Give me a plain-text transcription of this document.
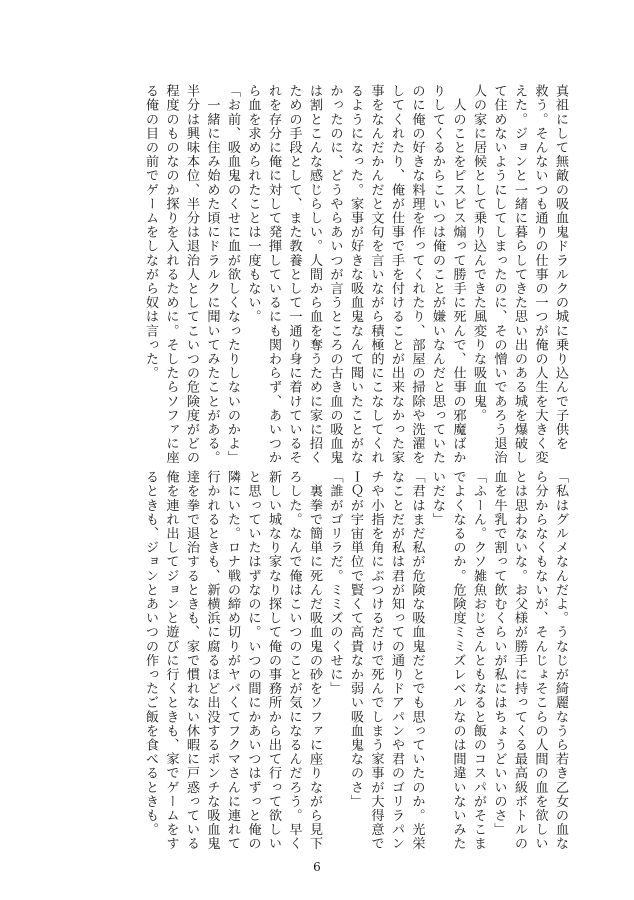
真祖にして無敵の吸血鬼ドラルクの城に乗り込んで子供を
救う。そんないつも通りの仕事の一つが俺の人生を大きく変
えた。ジョンと一緒に暮らしてきた思い出のある城を爆破し
て住めないようにしてしまったのに、その憎いであろう退治
人の家に居候として乗り込んできた風変りな吸血鬼。
　人のことをピスピス煽って勝手に死んで、仕事の邪魔ばか
りしてくるからこいつは俺のことが嫌いなんだと思っていた
のに俺の好きな料理を作ってくれたり、部屋の掃除や洗濯を
してくれたり、俺が仕事で手を付けることが出来なかった家
事をなんだかんだと文句を言いながら積極的にこなしてくれ
るようになった。家事が好きな吸血鬼なんて聞いたことがな
かったのに、どうやらあいつが言うところの古き血の吸血鬼
は割とこんな感じらしい。人間から血を奪うために家に招く
ための手段として、また教養として一通り身に着けているそ
れを存分に俺に対して発揮しているにも関わらず、あいつか
ら血を求められたことは一度もない。
「お前、吸血鬼のくせに血が欲しくなったりしないのかよ」
　一緒に住み始めた頃にドラルクに聞いてみたことがある。
半分は興味本位、半分は退治人としてこいつの危険度がどの
程度のものなのか探りを入れるために。そしたらソファに座
る俺の目の前でゲームをしながら奴は言った。
「私はグルメなんだよ。うなじが綺麗なうら若き乙女の血な
ら分からなくもないが、そんじょそこらの人間の血を欲しい
とは思わないな。お父様が勝手に持ってくる最高級ボトルの
血を牛乳で割って飲むくらいが私にはちょうどいいのさ」
「ふーん。クソ雑魚おじさんともなると飯のコスパがそこま
でよくなるのか。危険度ミミズレベルなのは間違いないみた
いだな」
「君はまだ私が危険な吸血鬼だとでも思っていたのか。光栄
なことだが私は君が知っての通りドアパンや君のゴリラパン
チや小指を角にぶつけるだけで死んでしまう家事が大得意で
ＩＱが宇宙単位で賢くて高貴なか弱い吸血鬼なのさ」
「誰がゴリラだ。ミミズのくせに」
　裏拳で簡単に死んだ吸血鬼の砂をソファに座りながら見下
ろした。なんで俺はこいつのことが気になるんだろう。早く
新しい城なり家なり探して俺の事務所から出て行って欲しい
と思っていたはずなのに。いつの間にかあいつはずっと俺の
隣にいた。ロナ戦の締め切りがヤバくてフクマさんに連れて
行かれるときも、新横浜に腐るほど出没するポンチな吸血鬼
達を拳で退治するときも、家で慣れない休暇に戸惑っている
俺を連れ出してジョンと遊びに行くときも、家でゲームをす
るときも、ジョンとあいつの作ったご飯を食べるときも。
6
